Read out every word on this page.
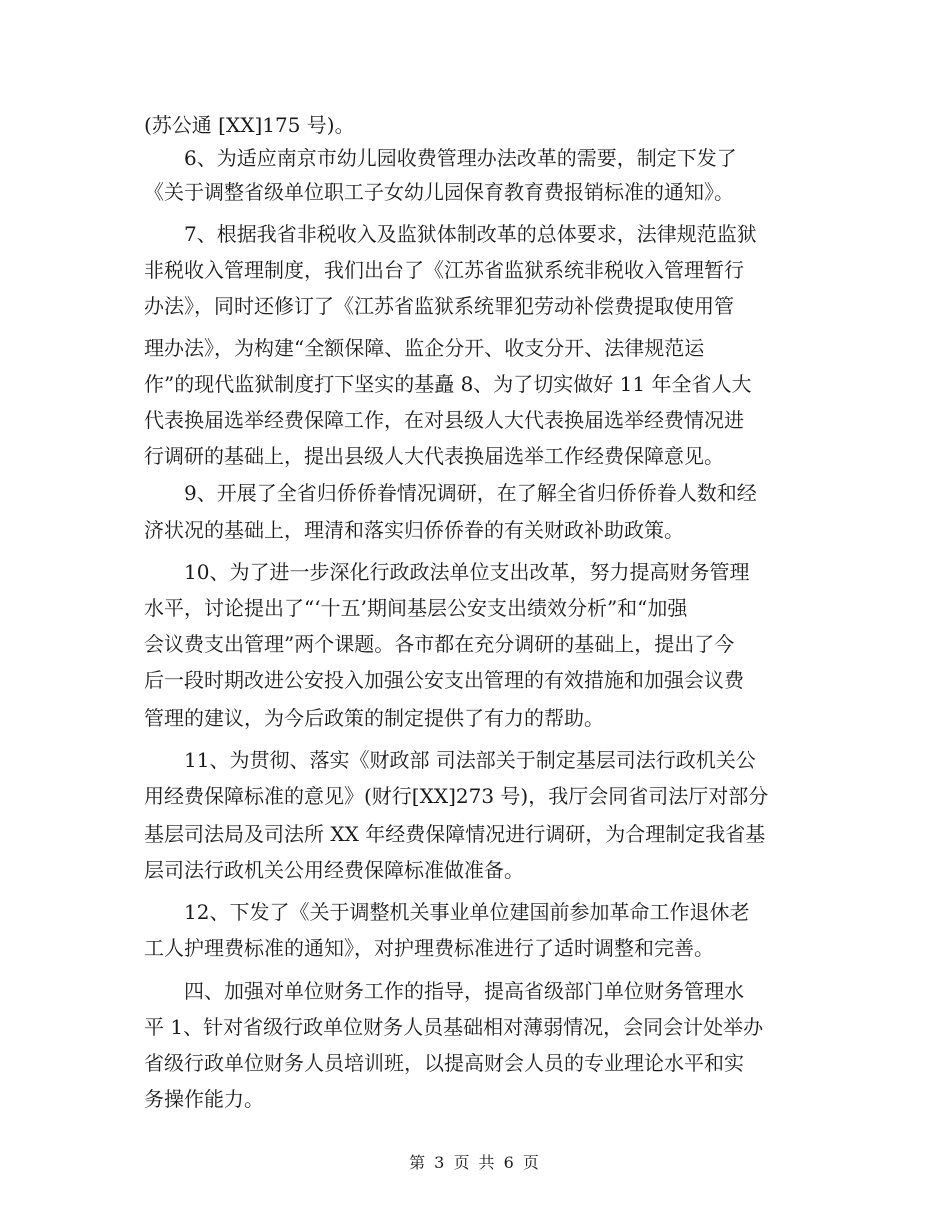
(苏公通 [XX]175 号)。
6、为适应南京市幼儿园收费管理办法改革的需要，制定下发了
《关于调整省级单位职工子女幼儿园保育教育费报销标准的通知》。
7、根据我省非税收入及监狱体制改革的总体要求，法律规范监狱
非税收入管理制度，我们出台了《江苏省监狱系统非税收入管理暂行
办法》，同时还修订了《江苏省监狱系统罪犯劳动补偿费提取使用管
理办法》，为构建“全额保障、监企分开、收支分开、法律规范运
作”的现代监狱制度打下坚实的基矗 8、为了切实做好 11 年全省人大
代表换届选举经费保障工作，在对县级人大代表换届选举经费情况进
行调研的基础上，提出县级人大代表换届选举工作经费保障意见。
9、开展了全省归侨侨眷情况调研，在了解全省归侨侨眷人数和经
济状况的基础上，理清和落实归侨侨眷的有关财政补助政策。
10、为了进一步深化行政政法单位支出改革，努力提高财务管理
水平，讨论提出了“‘十五’期间基层公安支出绩效分析”和“加强
会议费支出管理”两个课题。各市都在充分调研的基础上，提出了今
后一段时期改进公安投入加强公安支出管理的有效措施和加强会议费
管理的建议，为今后政策的制定提供了有力的帮助。
11、为贯彻、落实《财政部 司法部关于制定基层司法行政机关公
用经费保障标准的意见》(财行[XX]273 号)，我厅会同省司法厅对部分
基层司法局及司法所 XX 年经费保障情况进行调研，为合理制定我省基
层司法行政机关公用经费保障标准做准备。
12、下发了《关于调整机关事业单位建国前参加革命工作退休老
工人护理费标准的通知》，对护理费标准进行了适时调整和完善。
四、加强对单位财务工作的指导，提高省级部门单位财务管理水
平 1、针对省级行政单位财务人员基础相对薄弱情况，会同会计处举办
省级行政单位财务人员培训班，以提高财会人员的专业理论水平和实
务操作能力。
第 3 页 共 6 页
